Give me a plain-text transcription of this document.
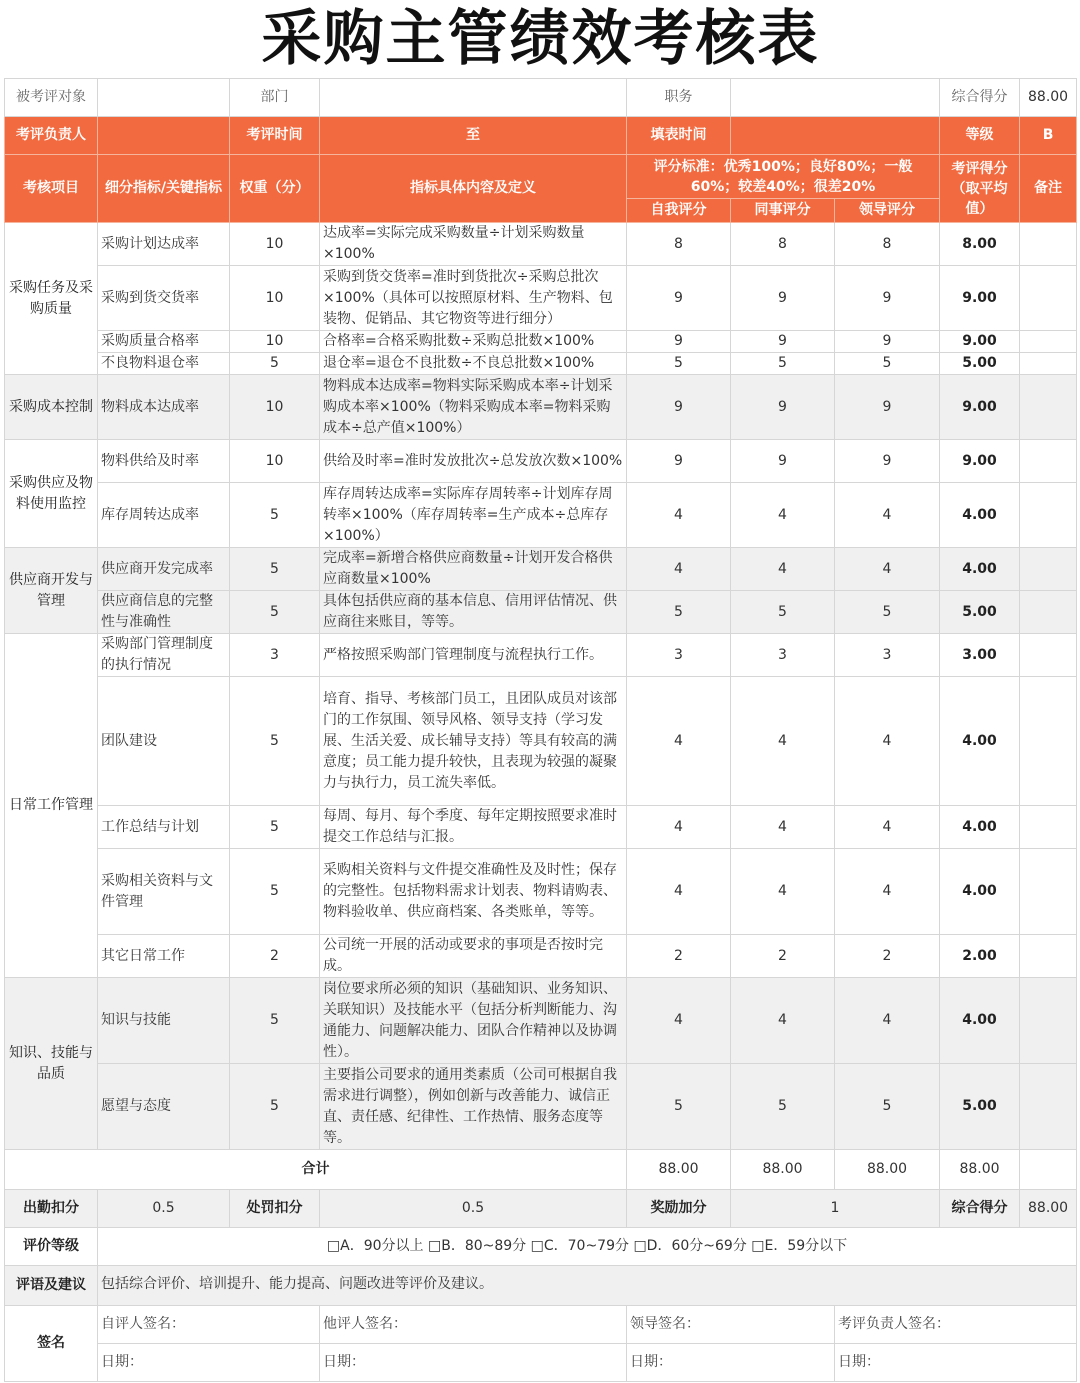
采购主管绩效考核表								
被考评对象		部门		职务			综合得分	88.00
考评负责人		考评时间	至	填表时间			等级	B
考核项目	细分指标/关键指标	权重（分）	指标具体内容及定义	评分标准：优秀100%；良好80%；一般60%；较差40%；很差20%			考评得分（取平均值）	备注
				自我评分	同事评分	领导评分		
采购任务及采购质量	采购计划达成率	10	达成率=实际完成采购数量÷计划采购数量×100%	8	8	8	8.00	
	采购到货交货率	10	采购到货交货率=准时到货批次÷采购总批次×100%（具体可以按照原材料、生产物料、包装物、促销品、其它物资等进行细分）	9	9	9	9.00	
	采购质量合格率	10	合格率=合格采购批数÷采购总批数×100%	9	9	9	9.00	
	不良物料退仓率	5	退仓率=退仓不良批数÷不良总批数×100%	5	5	5	5.00	
采购成本控制	物料成本达成率	10	物料成本达成率=物料实际采购成本率÷计划采购成本率×100%（物料采购成本率=物料采购成本÷总产值×100%）	9	9	9	9.00	
采购供应及物料使用监控	物料供给及时率	10	供给及时率=准时发放批次÷总发放次数×100%	9	9	9	9.00	
	库存周转达成率	5	库存周转达成率=实际库存周转率÷计划库存周转率×100%（库存周转率=生产成本÷总库存×100%）	4	4	4	4.00	
供应商开发与管理	供应商开发完成率	5	完成率=新增合格供应商数量÷计划开发合格供应商数量×100%	4	4	4	4.00	
	供应商信息的完整性与准确性	5	具体包括供应商的基本信息、信用评估情况、供应商往来账目，等等。	5	5	5	5.00	
日常工作管理	采购部门管理制度的执行情况	3	严格按照采购部门管理制度与流程执行工作。	3	3	3	3.00	
	团队建设	5	培育、指导、考核部门员工，且团队成员对该部门的工作氛围、领导风格、领导支持（学习发展、生活关爱、成长辅导支持）等具有较高的满意度；员工能力提升较快，且表现为较强的凝聚力与执行力，员工流失率低。	4	4	4	4.00	
	工作总结与计划	5	每周、每月、每个季度、每年定期按照要求准时提交工作总结与汇报。	4	4	4	4.00	
	采购相关资料与文件管理	5	采购相关资料与文件提交准确性及及时性；保存的完整性。包括物料需求计划表、物料请购表、物料验收单、供应商档案、各类账单，等等。	4	4	4	4.00	
	其它日常工作	2	公司统一开展的活动或要求的事项是否按时完成。	2	2	2	2.00	
知识、技能与品质	知识与技能	5	岗位要求所必须的知识（基础知识、业务知识、关联知识）及技能水平（包括分析判断能力、沟通能力、问题解决能力、团队合作精神以及协调性）。	4	4	4	4.00	
	愿望与态度	5	主要指公司要求的通用类素质（公司可根据自我需求进行调整），例如创新与改善能力、诚信正直、责任感、纪律性、工作热情、服务态度等等。	5	5	5	5.00	
合计				88.00	88.00	88.00	88.00	
出勤扣分	0.5	处罚扣分	0.5	奖励加分	1		综合得分	88.00
评价等级	□A．90分以上 □B．80~89分 □C．70~79分 □D．60分~69分 □E．59分以下							
评语及建议	包括综合评价、培训提升、能力提高、问题改进等评价及建议。							
签名	自评人签名：		他评人签名：	领导签名：		考评负责人签名：		
	日期：		日期：	日期：		日期：		
